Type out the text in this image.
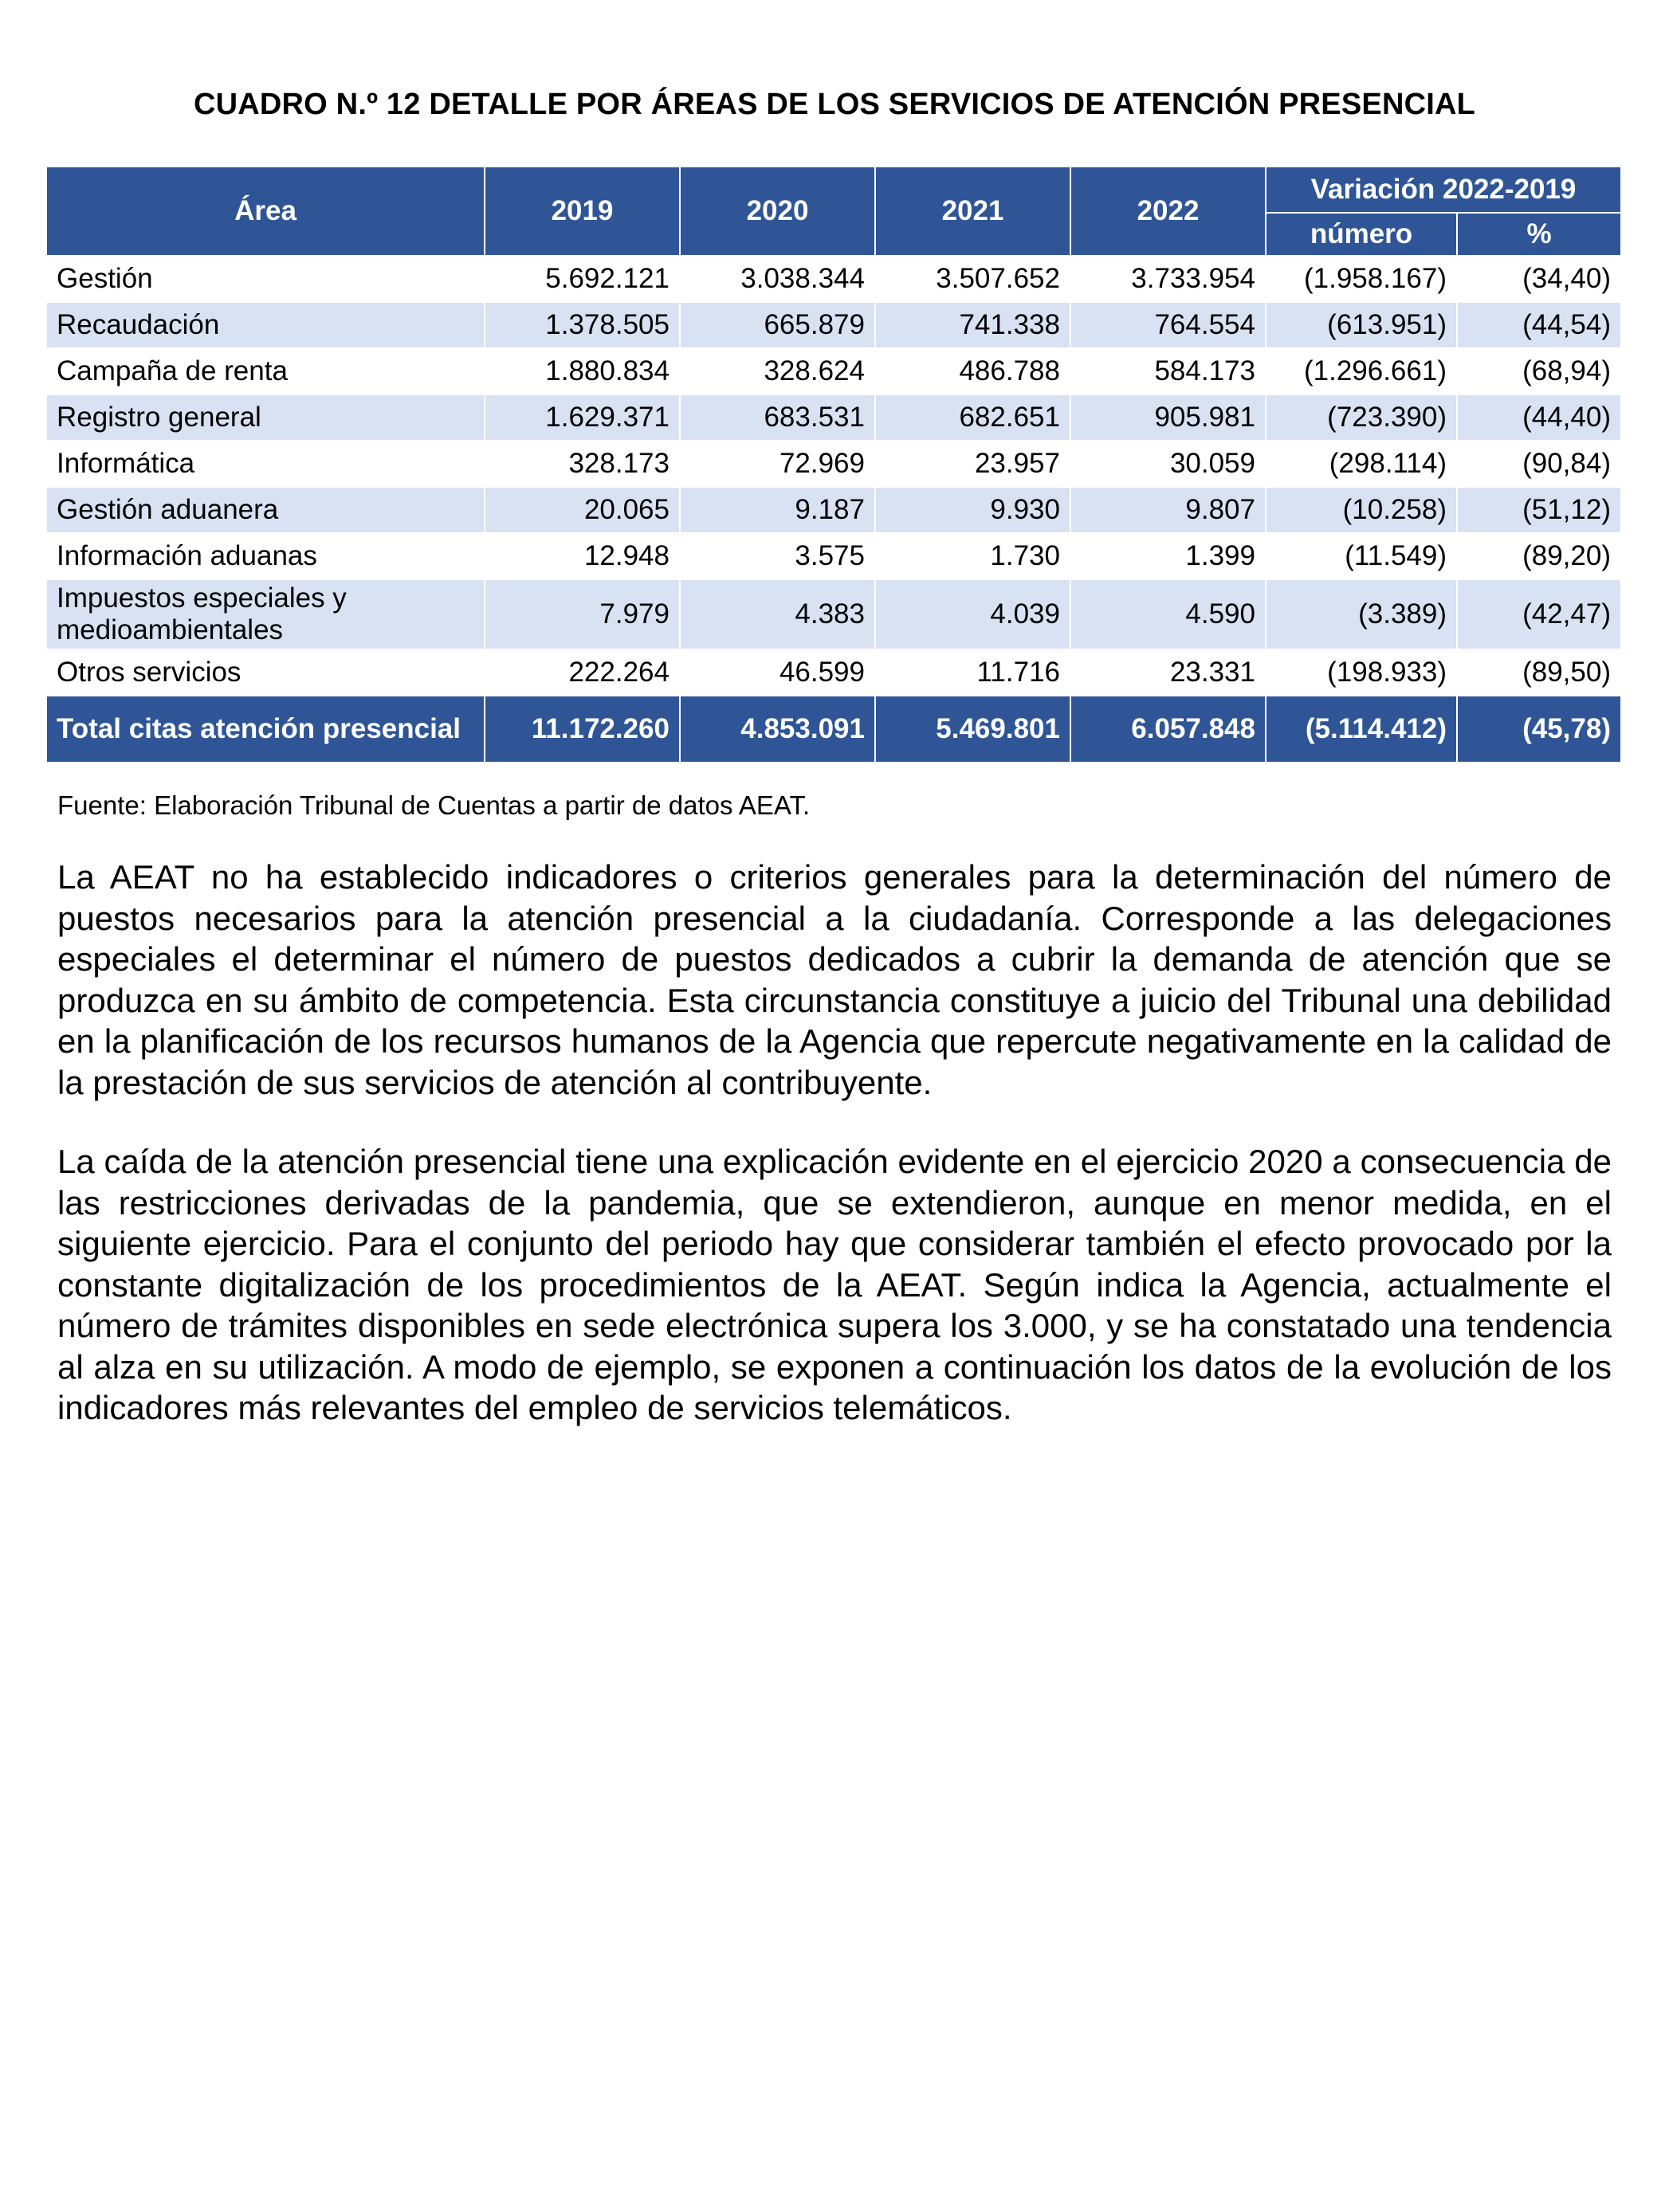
CUADRO N.º 12 DETALLE POR ÁREAS DE LOS SERVICIOS DE ATENCIÓN PRESENCIAL
Área	2019	2020	2021	2022	Variación 2022-2019	
					número	%
Gestión	5.692.121	3.038.344	3.507.652	3.733.954	(1.958.167)	(34,40)
Recaudación	1.378.505	665.879	741.338	764.554	(613.951)	(44,54)
Campaña de renta	1.880.834	328.624	486.788	584.173	(1.296.661)	(68,94)
Registro general	1.629.371	683.531	682.651	905.981	(723.390)	(44,40)
Informática	328.173	72.969	23.957	30.059	(298.114)	(90,84)
Gestión aduanera	20.065	9.187	9.930	9.807	(10.258)	(51,12)
Información aduanas	12.948	3.575	1.730	1.399	(11.549)	(89,20)
Impuestos especiales y medioambientales	7.979	4.383	4.039	4.590	(3.389)	(42,47)
Otros servicios	222.264	46.599	11.716	23.331	(198.933)	(89,50)
Total citas atención presencial	11.172.260	4.853.091	5.469.801	6.057.848	(5.114.412)	(45,78)

Fuente: Elaboración Tribunal de Cuentas a partir de datos AEAT.

La AEAT no ha establecido indicadores o criterios generales para la determinación del número de puestos necesarios para la atención presencial a la ciudadanía. Corresponde a las delegaciones especiales el determinar el número de puestos dedicados a cubrir la demanda de atención que se produzca en su ámbito de competencia. Esta circunstancia constituye a juicio del Tribunal una debilidad en la planificación de los recursos humanos de la Agencia que repercute negativamente en la calidad de la prestación de sus servicios de atención al contribuyente.

La caída de la atención presencial tiene una explicación evidente en el ejercicio 2020 a consecuencia de las restricciones derivadas de la pandemia, que se extendieron, aunque en menor medida, en el siguiente ejercicio. Para el conjunto del periodo hay que considerar también el efecto provocado por la constante digitalización de los procedimientos de la AEAT. Según indica la Agencia, actualmente el número de trámites disponibles en sede electrónica supera los 3.000, y se ha constatado una tendencia al alza en su utilización. A modo de ejemplo, se exponen a continuación los datos de la evolución de los indicadores más relevantes del empleo de servicios telemáticos.
